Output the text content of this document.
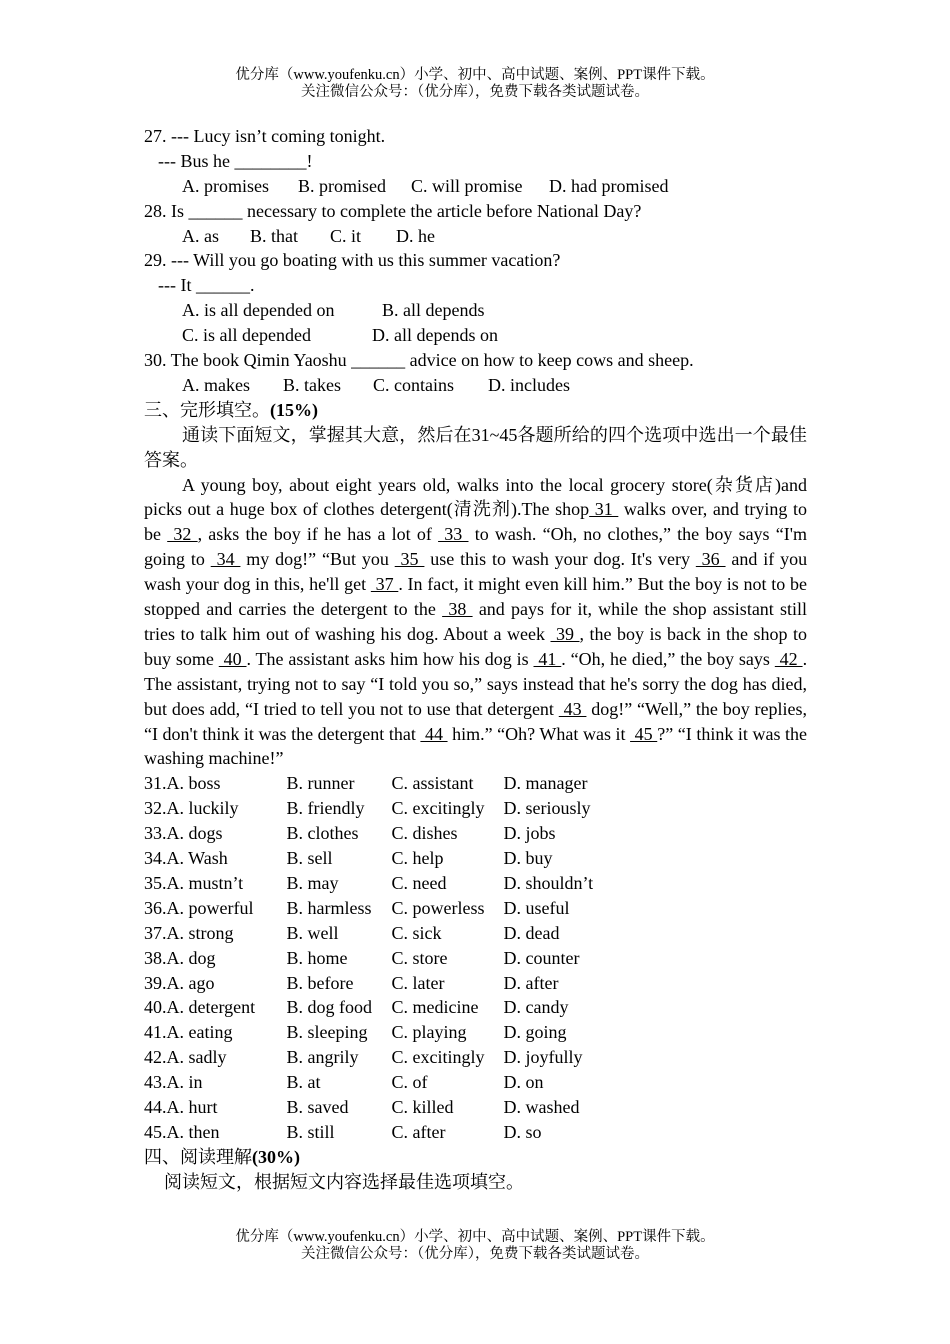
优分库（www.youfenku.cn）小学、初中、高中试题、案例、PPT课件下载。
关注微信公众号：（优分库），免费下载各类试题试卷。
27. --- Lucy isn’t coming tonight.
--- Bus he ________!
A. promises B. promised C. will promise D. had promised
28. Is ______ necessary to complete the article before National Day?
A. as B. that C. it D. he
29. --- Will you go boating with us this summer vacation?
--- It ______.
A. is all depended on	B. all depends
C. is all depended	D. all depends on
30. The book Qimin Yaoshu ______ advice on how to keep cows and sheep.
A. makes B. takes C. contains D. includes
三、完形填空。(15%)
通读下面短文，掌握其大意，然后在31~45各题所给的四个选项中选出一个最佳答案。
A young boy, about eight years old, walks into the local grocery store(杂货店)and picks out a huge box of clothes detergent(清洗剂).The shop 31  walks over, and trying to be  32 , asks the boy if he has a lot of  33  to wash. “Oh, no clothes,” the boy says “I'm going to  34  my dog!” “But you  35  use this to wash your dog. It's very  36  and if you wash your dog in this, he'll get  37 . In fact, it might even kill him.” But the boy is not to be stopped and carries the detergent to the  38  and pays for it, while the shop assistant still tries to talk him out of washing his dog. About a week  39 , the boy is back in the shop to buy some  40 . The assistant asks him how his dog is  41 . “Oh, he died,” the boy says  42 . The assistant, trying not to say “I told you so,” says instead that he's sorry the dog has died, but does add, “I tried to tell you not to use that detergent  43  dog!” “Well,” the boy replies, “I don't think it was the detergent that  44  him.” “Oh? What was it  45 ?” “I think it was the washing machine!”
31.A. boss	B. runner C. assistant D. manager
32.A. luckily	B. friendly C. excitingly D. seriously
33.A. dogs	B. clothes C. dishes	D. jobs
34.A. Wash	B. sell	C. help	D. buy
35.A. mustn’t B. may	C. need	D. shouldn’t
36.A. powerful B. harmless C. powerless D. useful
37.A. strong	B. well	C. sick	D. dead
38.A. dog	B. home C. store	D. counter
39.A. ago	B. before C. later	D. after
40.A. detergent B. dog food C. medicine D. candy
41.A. eating	B. sleeping C. playing D. going
42.A. sadly	B. angrily C. excitingly D. joyfully
43.A. in	B. at	C. of	D. on
44.A. hurt	B. saved C. killed	D. washed
45.A. then	B. still	C. after	D. so
四、阅读理解(30%)
阅读短文，根据短文内容选择最佳选项填空。
优分库（www.youfenku.cn）小学、初中、高中试题、案例、PPT课件下载。
关注微信公众号：（优分库），免费下载各类试题试卷。
